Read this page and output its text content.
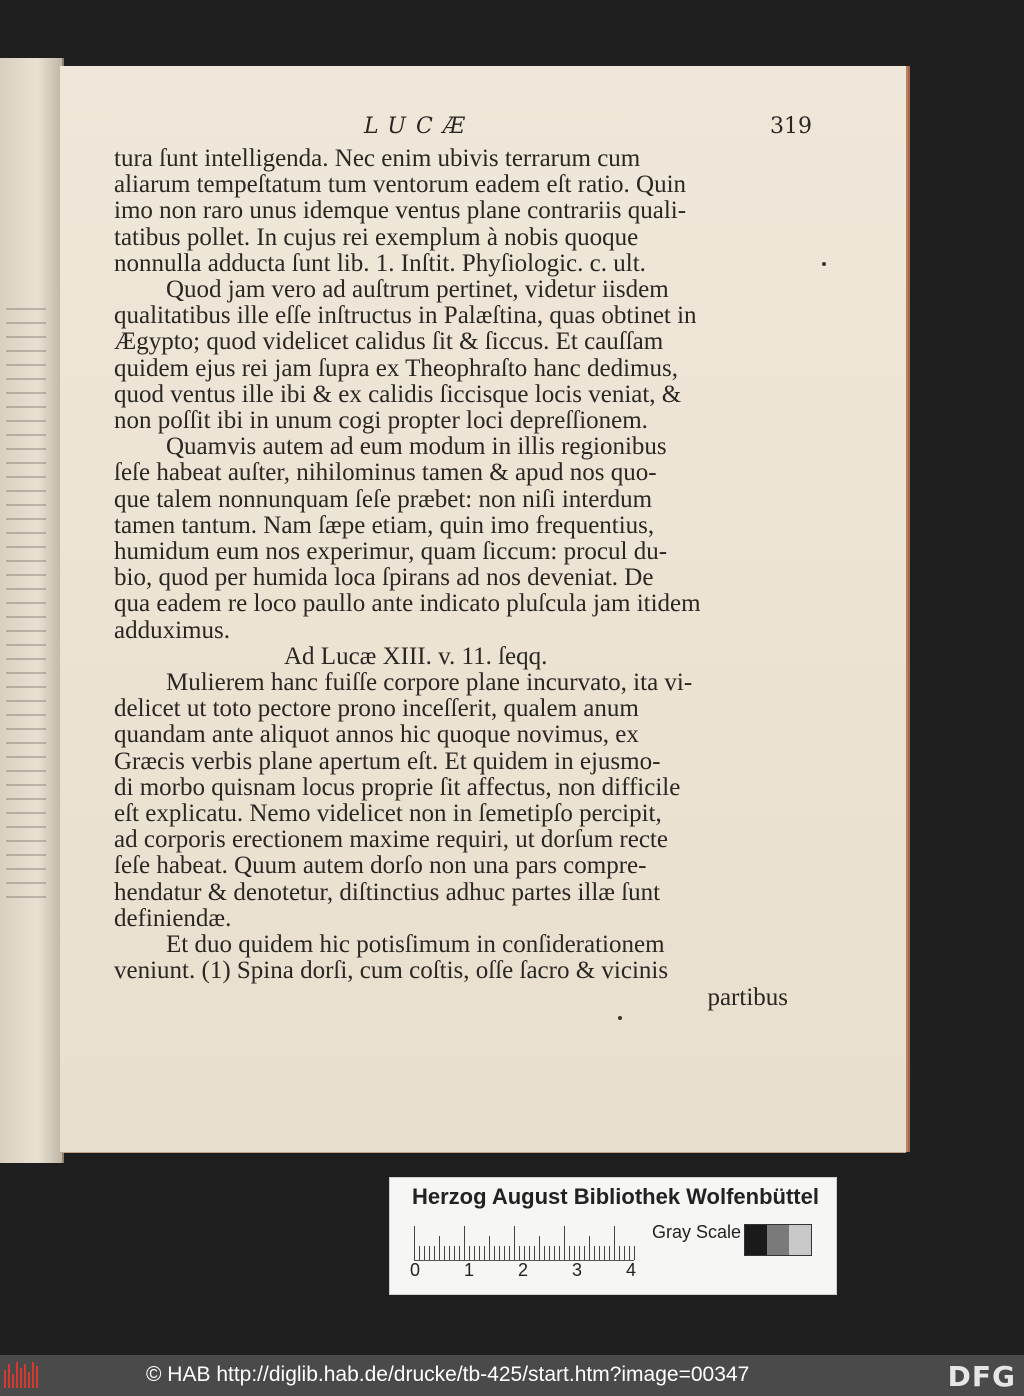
LUCÆ	319
tura ſunt intelligenda. Nec enim ubivis terrarum cum
aliarum tempeſtatum tum ventorum eadem eſt ratio. Quin
imo non raro unus idemque ventus plane contrariis quali-
tatibus pollet. In cujus rei exemplum à nobis quoque
nonnulla adducta ſunt lib. 1. Inſtit. Phyſiologic. c. ult.
Quod jam vero ad auſtrum pertinet, videtur iisdem
qualitatibus ille eſſe inſtructus in Palæſtina, quas obtinet in
Ægypto; quod videlicet calidus ſit & ſiccus. Et cauſſam
quidem ejus rei jam ſupra ex Theophraſto hanc dedimus,
quod ventus ille ibi & ex calidis ſiccisque locis veniat, &
non poſſit ibi in unum cogi propter loci depreſſionem.
Quamvis autem ad eum modum in illis regionibus
ſeſe habeat auſter, nihilominus tamen & apud nos quo-
que talem nonnunquam ſeſe præbet: non niſi interdum
tamen tantum. Nam ſæpe etiam, quin imo frequentius,
humidum eum nos experimur, quam ſiccum: procul du-
bio, quod per humida loca ſpirans ad nos deveniat. De
qua eadem re loco paullo ante indicato pluſcula jam itidem
adduximus.
Ad Lucæ XIII. v. 11. ſeqq.
Mulierem hanc fuiſſe corpore plane incurvato, ita vi-
delicet ut toto pectore prono inceſſerit, qualem anum
quandam ante aliquot annos hic quoque novimus, ex
Græcis verbis plane apertum eſt. Et quidem in ejusmo-
di morbo quisnam locus proprie ſit affectus, non difficile
eſt explicatu. Nemo videlicet non in ſemetipſo percipit,
ad corporis erectionem maxime requiri, ut dorſum recte
ſeſe habeat. Quum autem dorſo non una pars compre-
hendatur & denotetur, diſtinctius adhuc partes illæ ſunt
definiendæ.
Et duo quidem hic potisſimum in conſiderationem
veniunt. (1) Spina dorſi, cum coſtis, oſſe ſacro & vicinis
partibus
Herzog August Bibliothek Wolfenbüttel
0 1 2 3 4
Gray Scale
© HAB http://diglib.hab.de/drucke/tb-425/start.htm?image=00347	DFG
